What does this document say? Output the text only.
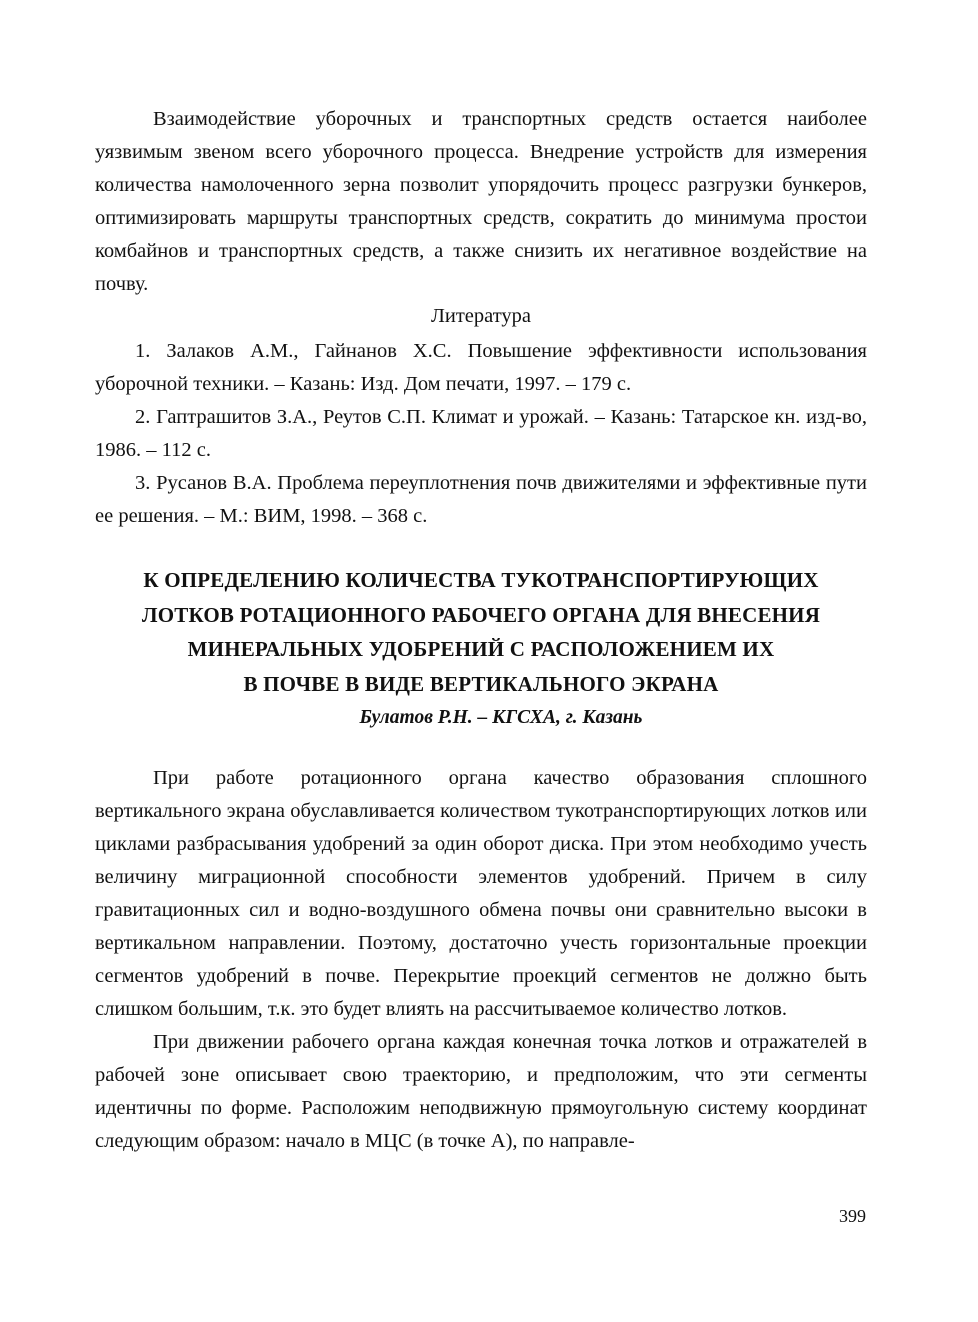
Взаимодействие уборочных и транспортных средств остается наиболее уязвимым звеном всего уборочного процесса. Внедрение устройств для измерения количества намолоченного зерна позволит упорядочить процесс разгрузки бункеров, оптимизировать маршруты транспортных средств, сократить до минимума простои комбайнов и транспортных средств, а также снизить их негативное воздействие на почву.

Литература

1. Залаков А.М., Гайнанов Х.С. Повышение эффективности использования уборочной техники. – Казань: Изд. Дом печати, 1997. – 179 с.

2. Гаптрашитов З.А., Реутов С.П. Климат и урожай. – Казань: Татарское кн. изд-во, 1986. – 112 с.

3. Русанов В.А. Проблема переуплотнения почв движителями и эффективные пути ее решения. – М.: ВИМ, 1998. – 368 с.

К ОПРЕДЕЛЕНИЮ КОЛИЧЕСТВА ТУКОТРАНСПОРТИРУЮЩИХ
ЛОТКОВ РОТАЦИОННОГО РАБОЧЕГО ОРГАНА ДЛЯ ВНЕСЕНИЯ
МИНЕРАЛЬНЫХ УДОБРЕНИЙ С РАСПОЛОЖЕНИЕМ ИХ
В ПОЧВЕ В ВИДЕ ВЕРТИКАЛЬНОГО ЭКРАНА
Булатов Р.Н. – КГСХА, г. Казань

При работе ротационного органа качество образования сплошного вертикального экрана обуславливается количеством тукотранспортирующих лотков или циклами разбрасывания удобрений за один оборот диска. При этом необходимо учесть величину миграционной способности элементов удобрений. Причем в силу гравитационных сил и водно-воздушного обмена почвы они сравнительно высоки в вертикальном направлении. Поэтому, достаточно учесть горизонтальные проекции сегментов удобрений в почве. Перекрытие проекций сегментов не должно быть слишком большим, т.к. это будет влиять на рассчитываемое количество лотков.

При движении рабочего органа каждая конечная точка лотков и отражателей в рабочей зоне описывает свою траекторию, и предположим, что эти сегменты идентичны по форме. Расположим неподвижную прямоугольную систему координат следующим образом: начало в МЦС (в точке А), по направле-

399
